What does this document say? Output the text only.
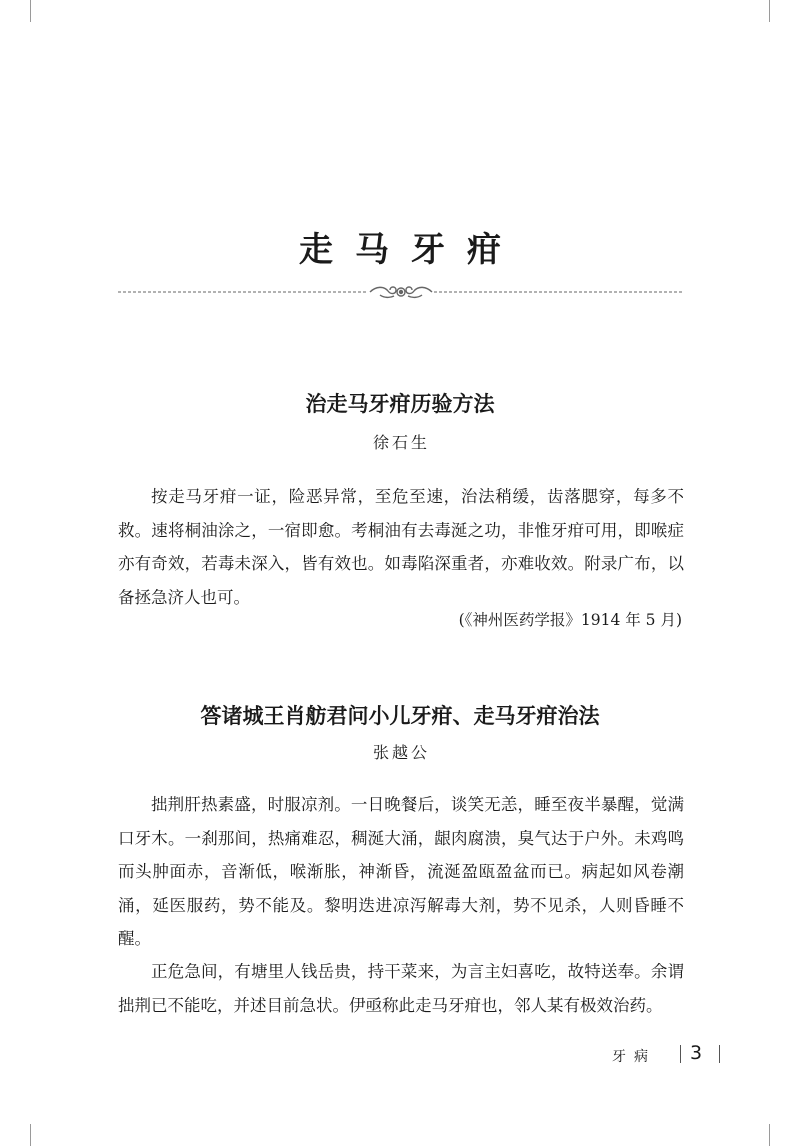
走马牙疳
治走马牙疳历验方法
徐石生

按走马牙疳一证，险恶异常，至危至速，治法稍缓，齿落腮穿，每多不救。速将桐油涂之，一宿即愈。考桐油有去毒涎之功，非惟牙疳可用，即喉症亦有奇效，若毒未深入，皆有效也。如毒陷深重者，亦难收效。附录广布，以备拯急济人也可。

(《神州医药学报》1914 年 5 月)
答诸城王肖舫君问小儿牙疳、走马牙疳治法
张越公

拙荆肝热素盛，时服凉剂。一日晚餐后，谈笑无恙，睡至夜半暴醒，觉满口牙木。一刹那间，热痛难忍，稠涎大涌，龈肉腐溃，臭气达于户外。未鸡鸣而头肿面赤，音渐低，喉渐胀，神渐昏，流涎盈瓯盈盆而已。病起如风卷潮涌，延医服药，势不能及。黎明迭进凉泻解毒大剂，势不见杀，人则昏睡不醒。

正危急间，有塘里人钱岳贵，持干菜来，为言主妇喜吃，故特送奉。余谓拙荆已不能吃，并述目前急状。伊亟称此走马牙疳也，邻人某有极效治药。

牙病 3
